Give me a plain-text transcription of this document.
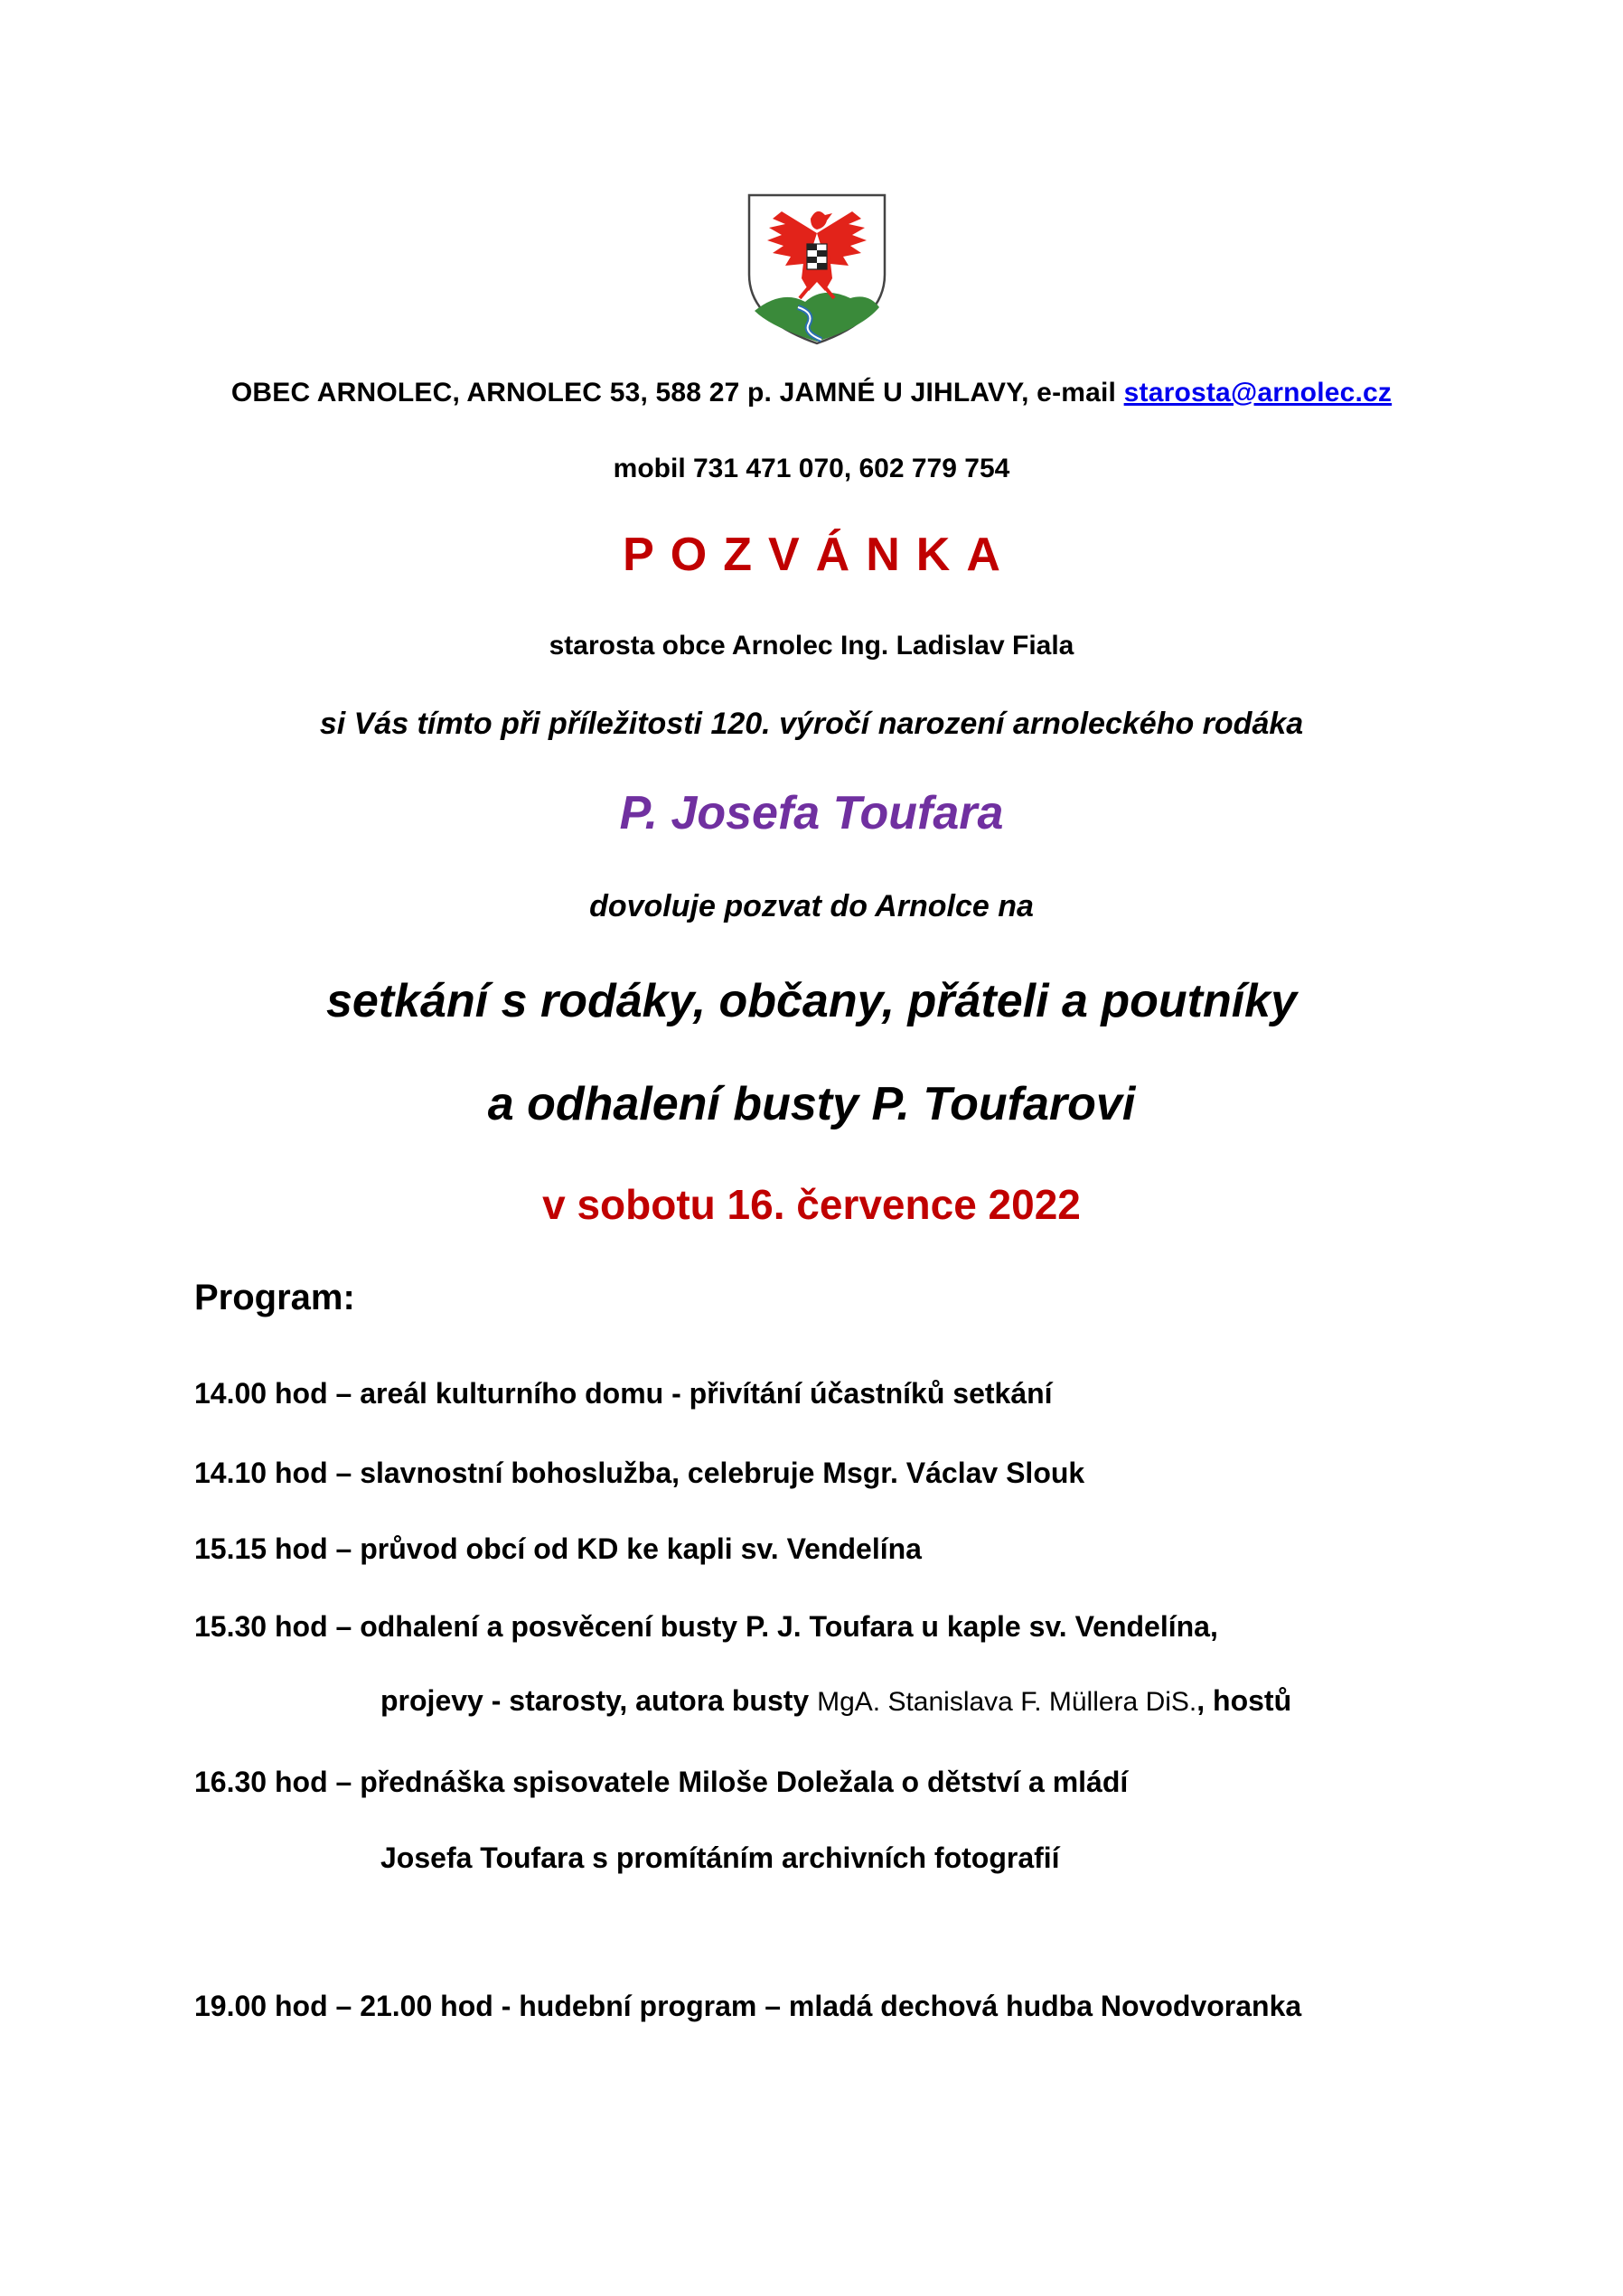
OBEC ARNOLEC, ARNOLEC 53, 588 27 p. JAMNÉ U JIHLAVY, e-mail starosta@arnolec.cz
mobil 731 471 070, 602 779 754
POZVÁNKA
starosta obce Arnolec Ing. Ladislav Fiala
si Vás tímto při příležitosti 120. výročí narození arnoleckého rodáka
P. Josefa Toufara
dovoluje pozvat do Arnolce na
setkání s rodáky, občany, přáteli a poutníky
a odhalení busty P. Toufarovi
v sobotu 16. července 2022
Program:
14.00 hod – areál kulturního domu - přivítání účastníků setkání
14.10 hod – slavnostní bohoslužba, celebruje Msgr. Václav Slouk
15.15 hod – průvod obcí od KD ke kapli sv. Vendelína
15.30 hod – odhalení a posvěcení busty P. J. Toufara u kaple sv. Vendelína,
projevy - starosty, autora busty MgA. Stanislava F. Müllera DiS., hostů
16.30 hod – přednáška spisovatele Miloše Doležala o dětství a mládí
Josefa Toufara s promítáním archivních fotografií
19.00 hod – 21.00 hod - hudební program – mladá dechová hudba Novodvoranka
